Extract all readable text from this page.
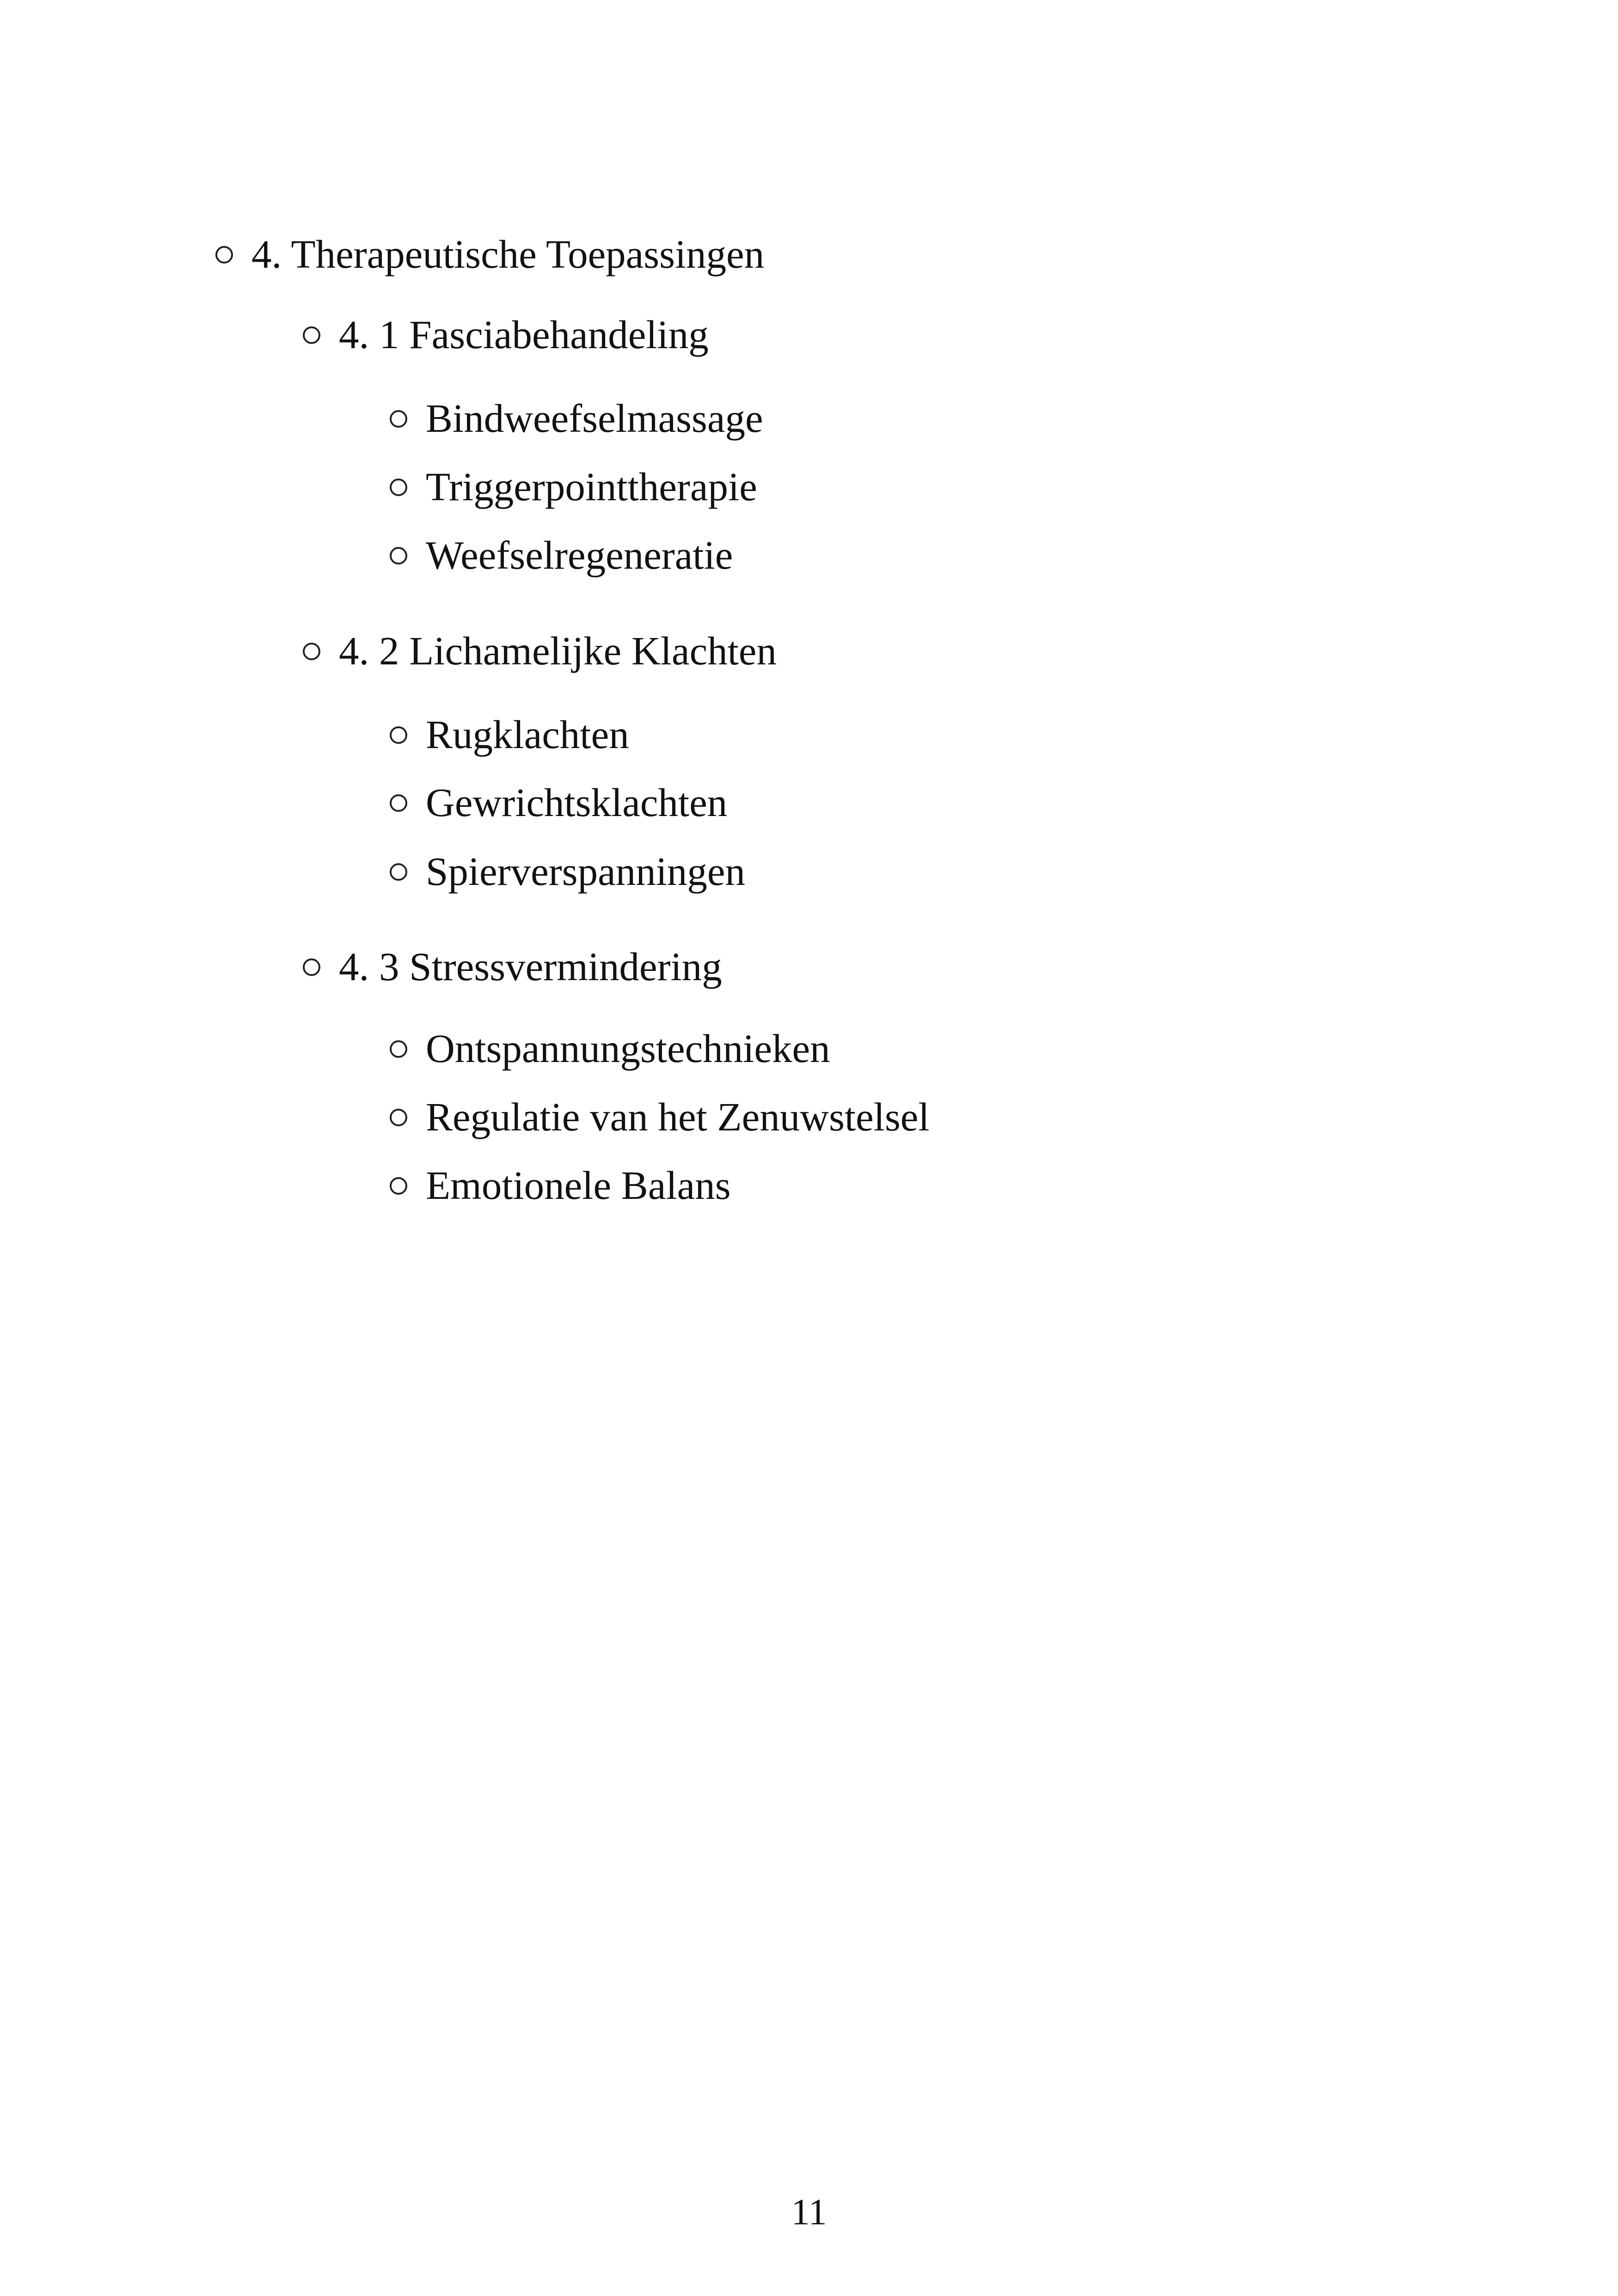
4. Therapeutische Toepassingen
4. 1 Fasciabehandeling
Bindweefselmassage
Triggerpointtherapie
Weefselregeneratie
4. 2 Lichamelijke Klachten
Rugklachten
Gewrichtsklachten
Spierverspanningen
4. 3 Stressvermindering
Ontspannungstechnieken
Regulatie van het Zenuwstelsel
Emotionele Balans
11
